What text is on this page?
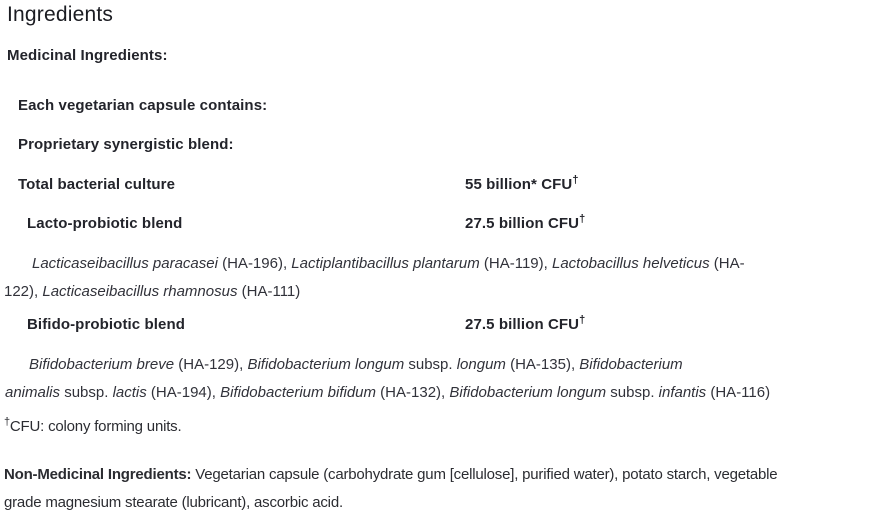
Ingredients

Medicinal Ingredients:

Each vegetarian capsule contains:

Proprietary synergistic blend:

Total bacterial culture	55 billion* CFU†
Lacto-probiotic blend	27.5 billion CFU†

Lacticaseibacillus paracasei (HA-196), Lactiplantibacillus plantarum (HA-119), Lactobacillus helveticus (HA-
122), Lacticaseibacillus rhamnosus (HA-111)

Bifido-probiotic blend	27.5 billion CFU†

Bifidobacterium breve (HA-129), Bifidobacterium longum subsp. longum (HA-135), Bifidobacterium
animalis subsp. lactis (HA-194), Bifidobacterium bifidum (HA-132), Bifidobacterium longum subsp. infantis (HA-116)

†CFU: colony forming units.

Non-Medicinal Ingredients: Vegetarian capsule (carbohydrate gum [cellulose], purified water), potato starch, vegetable
grade magnesium stearate (lubricant), ascorbic acid.
